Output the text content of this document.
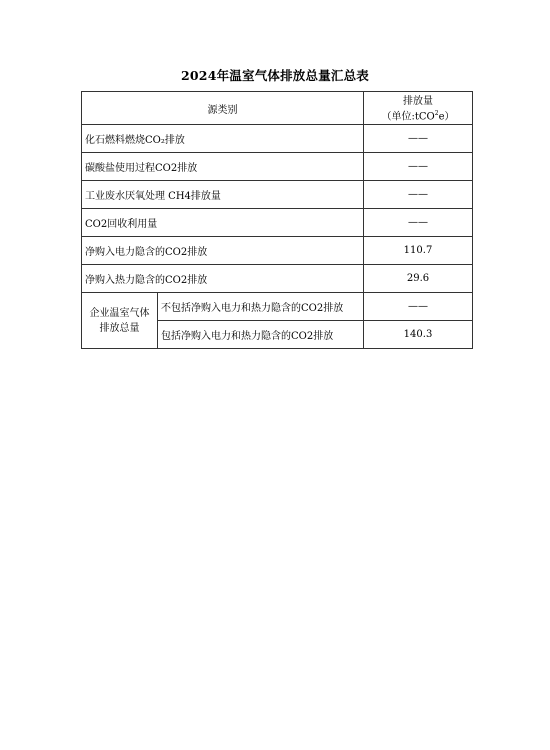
2024年温室气体排放总量汇总表
源类别		排放量
（单位:tCO$^2$e）

化石燃料燃烧CO₂排放		——
碳酸盐使用过程CO2排放		——
工业废水厌氧处理 CH4排放量		——
CO2回收利用量		——
净购入电力隐含的CO2排放		110.7
净购入热力隐含的CO2排放		29.6
企业温室气体排放总量	不包括净购入电力和热力隐含的CO2排放	——
	包括净购入电力和热力隐含的CO2排放	140.3
